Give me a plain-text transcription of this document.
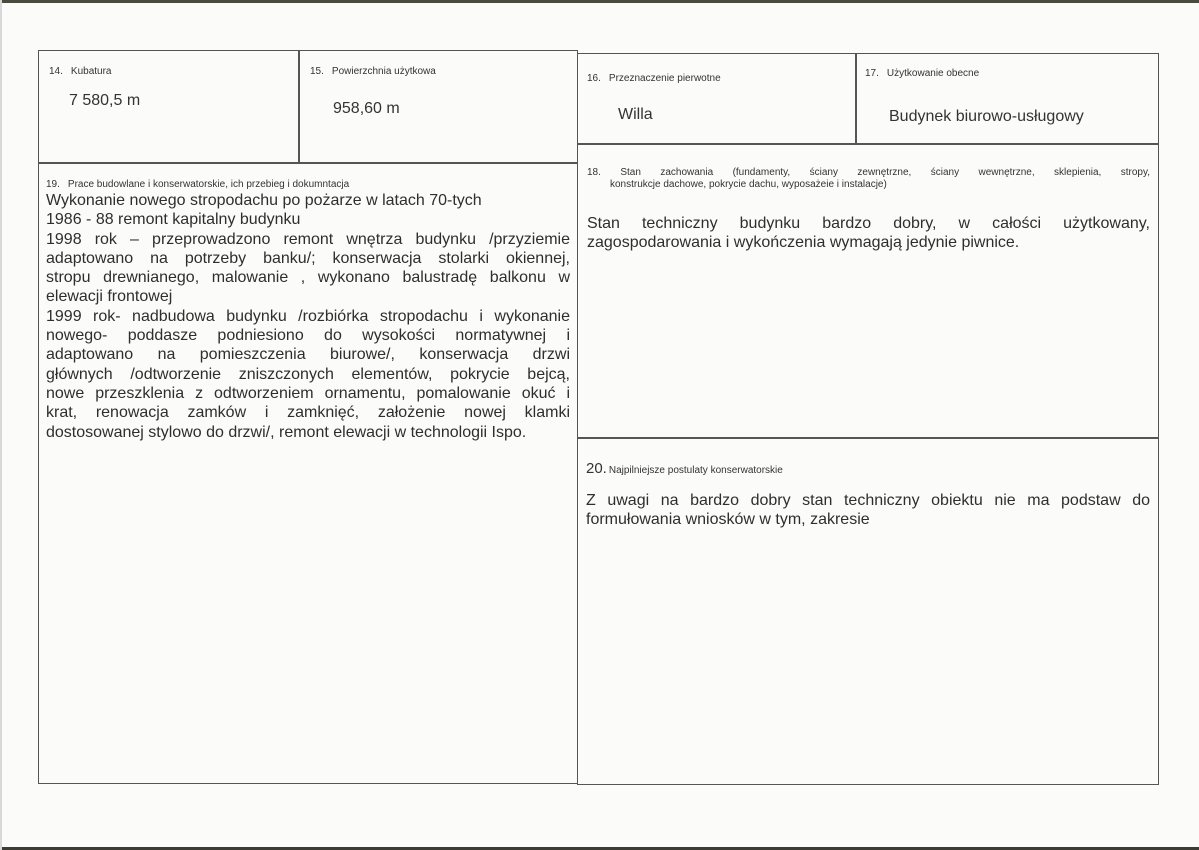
14. Kubatura
7 580,5 m
15. Powierzchnia użytkowa
958,60 m
16. Przeznaczenie pierwotne
Willa
17. Użytkowanie obecne
Budynek biurowo-usługowy
18. Stan zachowania (fundamenty, ściany zewnętrzne, ściany wewnętrzne, sklepienia, stropy,
konstrukcje dachowe, pokrycie dachu, wyposażeie i instalacje)
Stan techniczny budynku bardzo dobry, w całości użytkowany,
zagospodarowania i wykończenia wymagają jedynie piwnice.
19. Prace budowlane i konserwatorskie, ich przebieg i dokumntacja
Wykonanie nowego stropodachu po pożarze w latach 70-tych
1986 - 88 remont kapitalny budynku
1998 rok – przeprowadzono remont wnętrza budynku /przyziemie
adaptowano na potrzeby banku/; konserwacja stolarki okiennej,
stropu drewnianego, malowanie , wykonano balustradę balkonu w
elewacji frontowej
1999 rok- nadbudowa budynku /rozbiórka stropodachu i wykonanie
nowego- poddasze podniesiono do wysokości normatywnej i
adaptowano na pomieszczenia biurowe/, konserwacja drzwi
głównych /odtworzenie zniszczonych elementów, pokrycie bejcą,
nowe przeszklenia z odtworzeniem ornamentu, pomalowanie okuć i
krat, renowacja zamków i zamknięć, założenie nowej klamki
dostosowanej stylowo do drzwi/, remont elewacji w technologii Ispo.
20. Najpilniejsze postulaty konserwatorskie
Z uwagi na bardzo dobry stan techniczny obiektu nie ma podstaw do
formułowania wniosków w tym, zakresie
